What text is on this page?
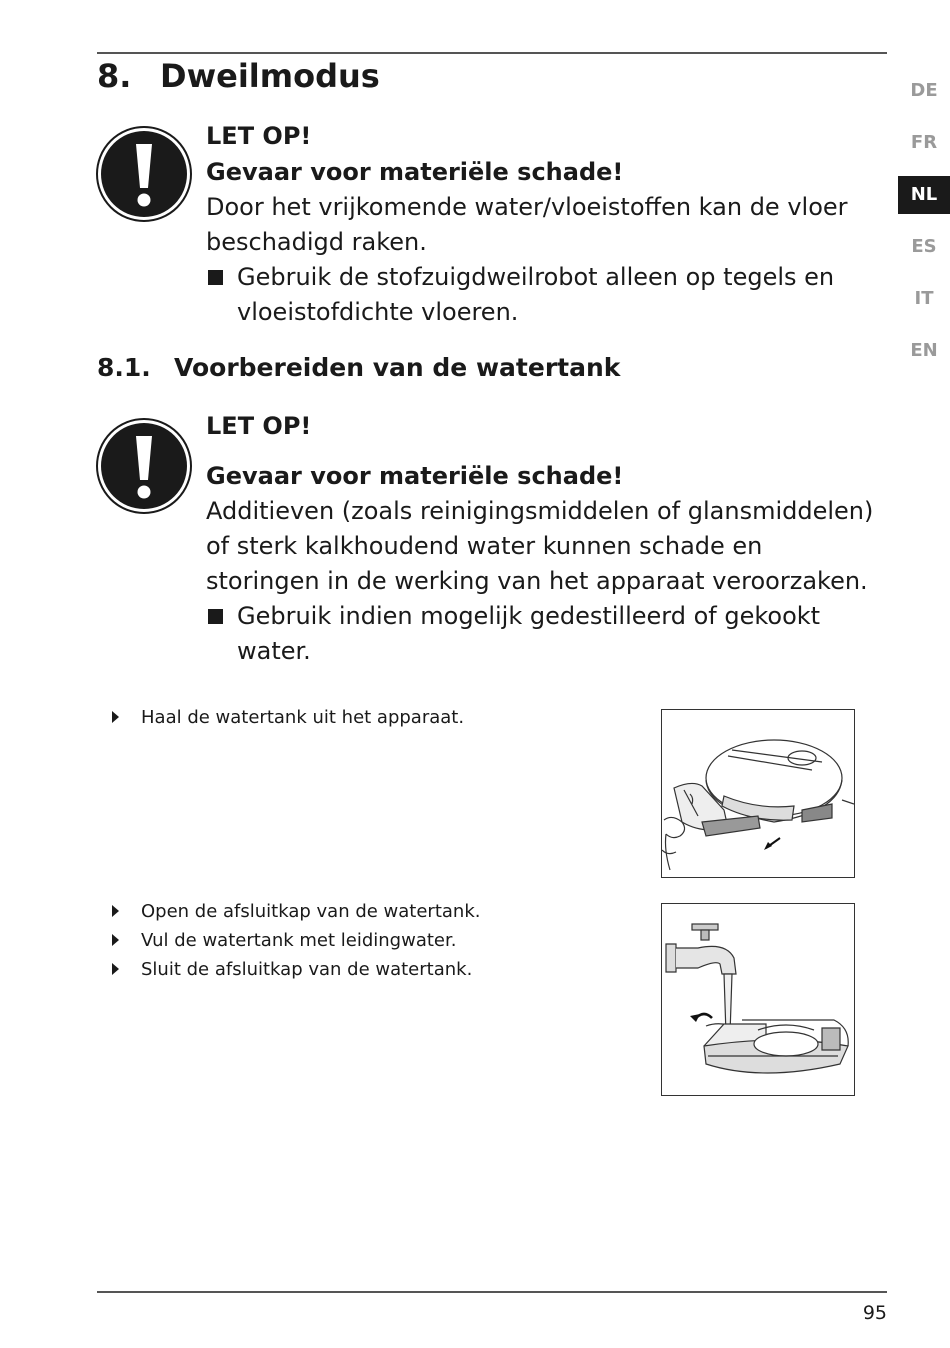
8. Dweilmodus	DE
FR
NL
ES
IT
EN
LET OP!
Gevaar voor materiële schade!
Door het vrijkomende water/vloeistoffen kan de vloer beschadigd raken.
Gebruik de stofzuigdweilrobot alleen op tegels en vloeistofdichte vloeren.
8.1. Voorbereiden van de watertank
LET OP!
Gevaar voor materiële schade!
Additieven (zoals reinigingsmiddelen of glansmiddelen) of sterk kalkhoudend water kunnen schade en storingen in de werking van het apparaat veroorzaken.
Gebruik indien mogelijk gedestilleerd of gekookt water.
Haal de watertank uit het apparaat.
Open de afsluitkap van de watertank.
Vul de watertank met leidingwater.
Sluit de afsluitkap van de watertank.
95
